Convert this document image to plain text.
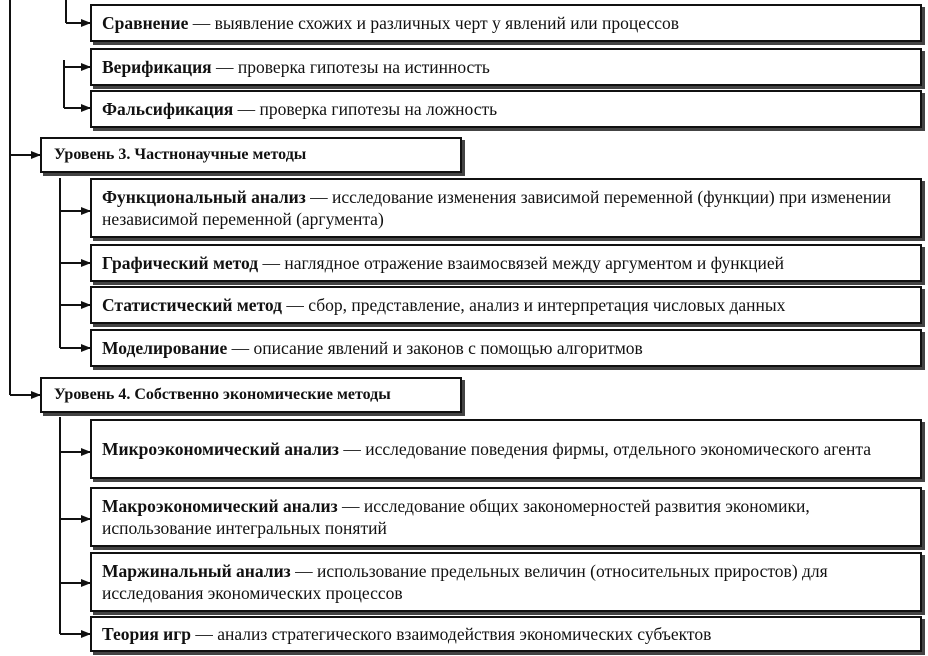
Сравнение — выявление схожих и различных черт у явлений или процессов
Верификация — проверка гипотезы на истинность
Фальсификация — проверка гипотезы на ложность
Уровень 3. Частнонаучные методы
Функциональный анализ — исследование изменения зависимой переменной (функции) при изменении независимой переменной (аргумента)
Графический метод — наглядное отражение взаимосвязей между аргументом и функцией
Статистический метод — сбор, представление, анализ и интерпретация числовых данных
Моделирование — описание явлений и законов с помощью алгоритмов
Уровень 4. Собственно экономические методы
Микроэкономический анализ — исследование поведения фирмы, отдельного экономического агента
Макроэкономический анализ — исследование общих закономерностей развития экономики, использование интегральных понятий
Маржинальный анализ — использование предельных величин (относительных приростов) для исследования экономических процессов
Теория игр — анализ стратегического взаимодействия экономических субъектов
